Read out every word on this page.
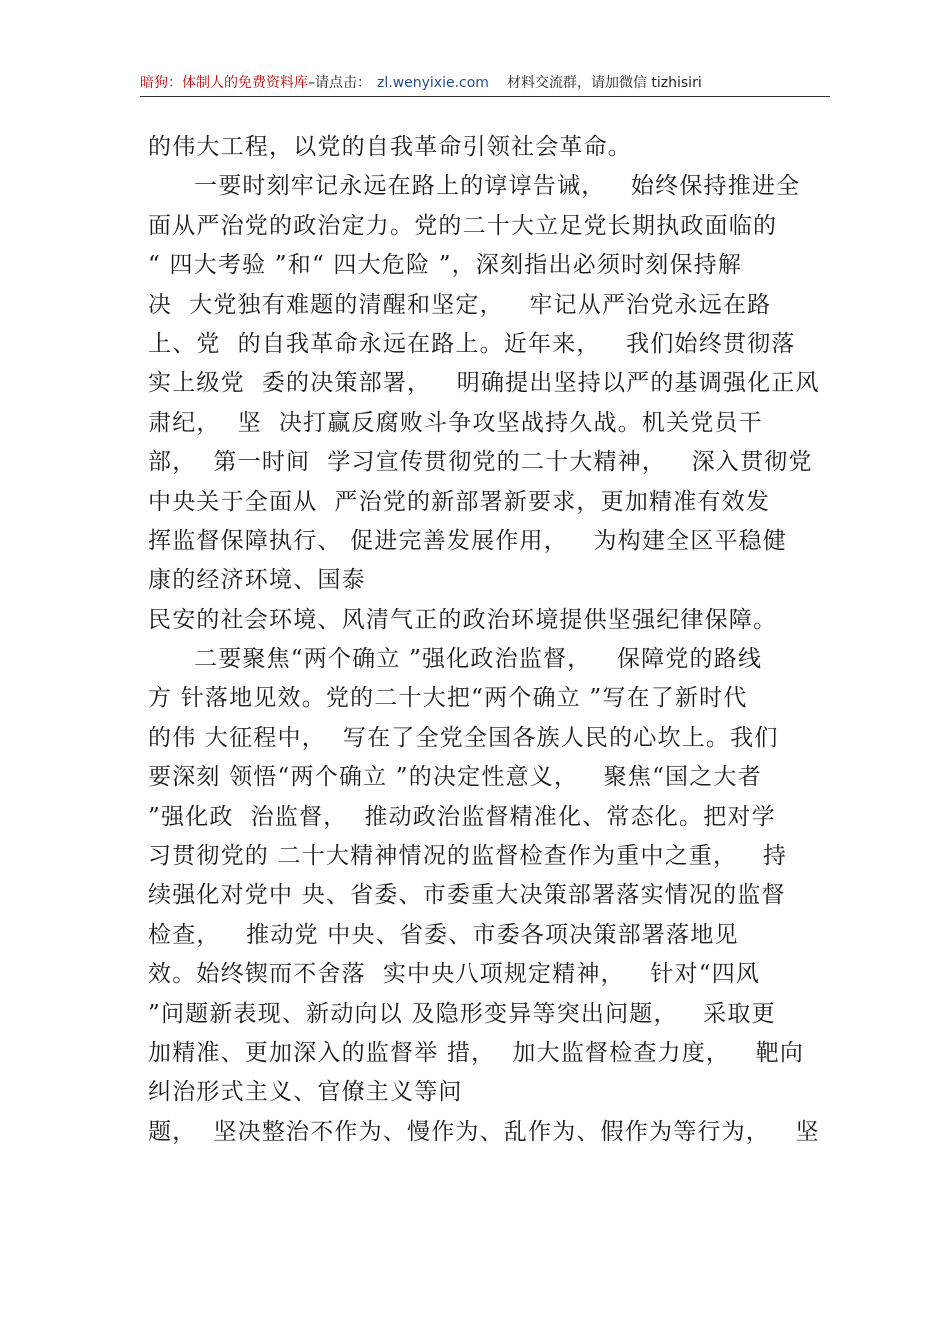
暗狗：体制人的免费资料库–请点击： zl.wenyixie.com 材料交流群，请加微信 tizhisiri
的伟大工程，以党的自我革命引领社会革命。
一要时刻牢记永远在路上的谆谆告诫，   始终保持推进全
面从严治党的政治定力。党的二十大立足党长期执政面临的
“ 四大考验 ”和“ 四大危险 ”，深刻指出必须时刻保持解
决  大党独有难题的清醒和坚定，   牢记从严治党永远在路
上、党  的自我革命永远在路上。近年来，   我们始终贯彻落
实上级党  委的决策部署，   明确提出坚持以严的基调强化正风
肃纪，  坚  决打赢反腐败斗争攻坚战持久战。机关党员干
部，  第一时间  学习宣传贯彻党的二十大精神，   深入贯彻党
中央关于全面从  严治党的新部署新要求，更加精准有效发
挥监督保障执行、 促进完善发展作用，   为构建全区平稳健
康的经济环境、国泰
民安的社会环境、风清气正的政治环境提供坚强纪律保障。
二要聚焦“两个确立 ”强化政治监督，   保障党的路线
方 针落地见效。党的二十大把“两个确立 ”写在了新时代
的伟 大征程中，  写在了全党全国各族人民的心坎上。我们
要深刻 领悟“两个确立 ”的决定性意义，   聚焦“国之大者
”强化政  治监督，  推动政治监督精准化、常态化。把对学
习贯彻党的 二十大精神情况的监督检查作为重中之重，   持
续强化对党中 央、省委、市委重大决策部署落实情况的监督
检查，   推动党 中央、省委、市委各项决策部署落地见
效。始终锲而不舍落  实中央八项规定精神，   针对“四风
”问题新表现、新动向以 及隐形变异等突出问题，   采取更
加精准、更加深入的监督举 措，  加大监督检查力度，   靶向
纠治形式主义、官僚主义等问
题，  坚决整治不作为、慢作为、乱作为、假作为等行为，   坚
